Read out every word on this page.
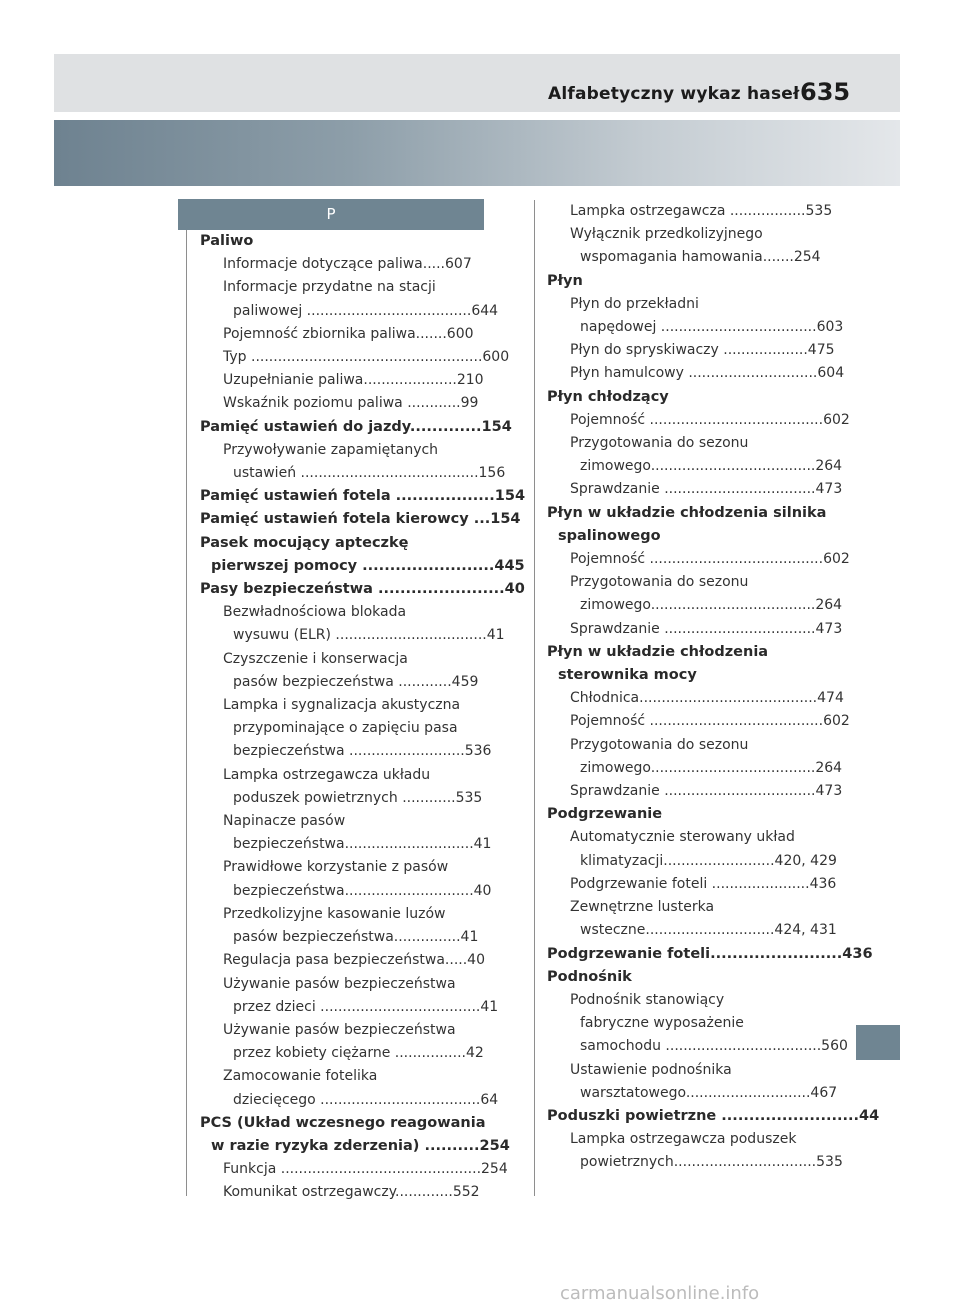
Alfabetyczny wykaz haseł 635
P
Paliwo
Informacje dotyczące paliwa.....607
Informacje przydatne na stacji
paliwowej .....................................644
Pojemność zbiornika paliwa.......600
Typ ....................................................600
Uzupełnianie paliwa.....................210
Wskaźnik poziomu paliwa ............99
Pamięć ustawień do jazdy.............154
Przywoływanie zapamiętanych
ustawień ........................................156
Pamięć ustawień fotela ..................154
Pamięć ustawień fotela kierowcy ...154
Pasek mocujący apteczkę
pierwszej pomocy ........................445
Pasy bezpieczeństwa .......................40
Bezwładnościowa blokada
wysuwu (ELR) ..................................41
Czyszczenie i konserwacja
pasów bezpieczeństwa ............459
Lampka i sygnalizacja akustyczna
przypominające o zapięciu pasa
bezpieczeństwa ..........................536
Lampka ostrzegawcza układu
poduszek powietrznych ............535
Napinacze pasów
bezpieczeństwa.............................41
Prawidłowe korzystanie z pasów
bezpieczeństwa.............................40
Przedkolizyjne kasowanie luzów
pasów bezpieczeństwa...............41
Regulacja pasa bezpieczeństwa.....40
Używanie pasów bezpieczeństwa
przez dzieci ....................................41
Używanie pasów bezpieczeństwa
przez kobiety ciężarne ................42
Zamocowanie fotelika
dziecięcego ....................................64
PCS (Układ wczesnego reagowania
w razie ryzyka zderzenia) ..........254
Funkcja .............................................254
Komunikat ostrzegawczy.............552
Lampka ostrzegawcza .................535
Wyłącznik przedkolizyjnego
wspomagania hamowania.......254
Płyn
Płyn do przekładni
napędowej ...................................603
Płyn do spryskiwaczy ...................475
Płyn hamulcowy .............................604
Płyn chłodzący
Pojemność .......................................602
Przygotowania do sezonu
zimowego.....................................264
Sprawdzanie ..................................473
Płyn w układzie chłodzenia silnika
spalinowego
Pojemność .......................................602
Przygotowania do sezonu
zimowego.....................................264
Sprawdzanie ..................................473
Płyn w układzie chłodzenia
sterownika mocy
Chłodnica........................................474
Pojemność .......................................602
Przygotowania do sezonu
zimowego.....................................264
Sprawdzanie ..................................473
Podgrzewanie
Automatycznie sterowany układ
klimatyzacji.........................420, 429
Podgrzewanie foteli ......................436
Zewnętrzne lusterka
wsteczne.............................424, 431
Podgrzewanie foteli........................436
Podnośnik
Podnośnik stanowiący
fabryczne wyposażenie
samochodu ...................................560
Ustawienie podnośnika
warsztatowego............................467
Poduszki powietrzne .........................44
Lampka ostrzegawcza poduszek
powietrznych................................535
carmanualsonline.info
